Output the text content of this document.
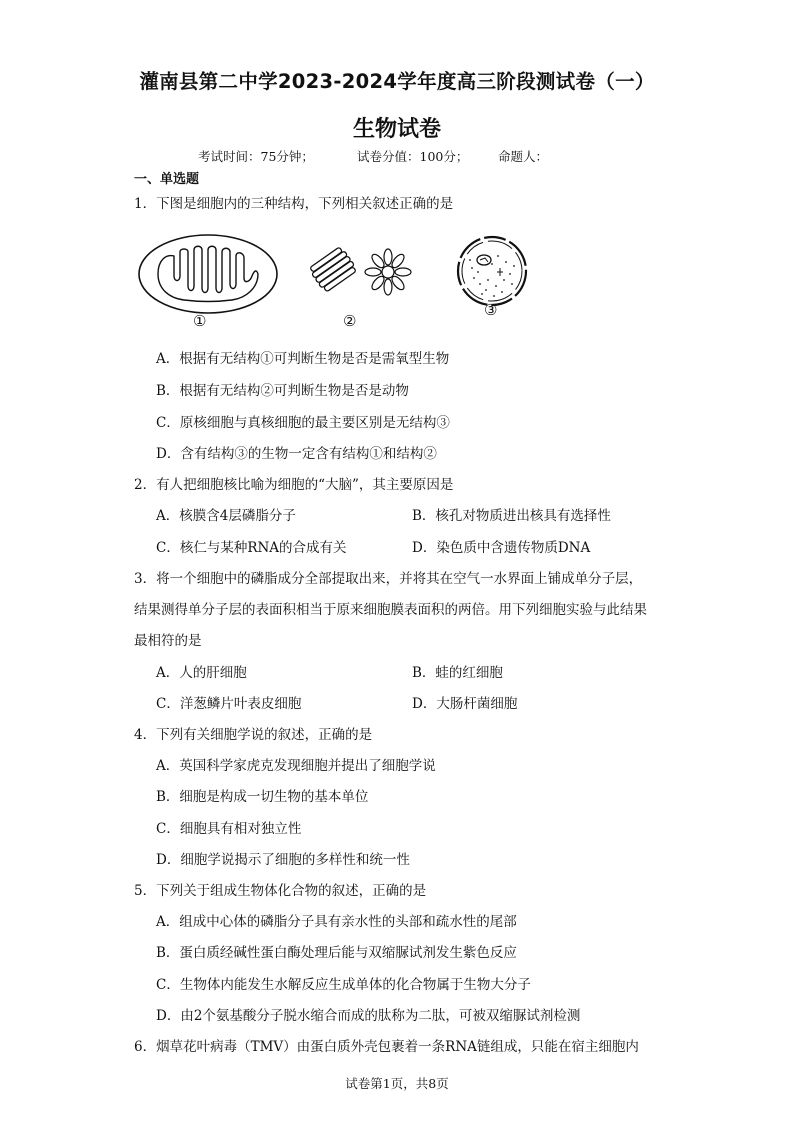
灌南县第二中学2023-2024学年度高三阶段测试卷（一）
生物试卷
考试时间：75分钟；	试卷分值：100分； 命题人：
一、单选题
1．下图是细胞内的三种结构，下列相关叙述正确的是
①	②
③
A．根据有无结构①可判断生物是否是需氧型生物
B．根据有无结构②可判断生物是否是动物
C．原核细胞与真核细胞的最主要区别是无结构③
D．含有结构③的生物一定含有结构①和结构②
2．有人把细胞核比喻为细胞的“大脑”，其主要原因是
A．核膜含4层磷脂分子	B．核孔对物质进出核具有选择性
C．核仁与某种RNA的合成有关	D．染色质中含遗传物质DNA
3．将一个细胞中的磷脂成分全部提取出来，并将其在空气一水界面上铺成单分子层，
结果测得单分子层的表面积相当于原来细胞膜表面积的两倍。用下列细胞实验与此结果
最相符的是
A．人的肝细胞	B．蛙的红细胞
C．洋葱鳞片叶表皮细胞	D．大肠杆菌细胞
4．下列有关细胞学说的叙述，正确的是
A．英国科学家虎克发现细胞并提出了细胞学说
B．细胞是构成一切生物的基本单位
C．细胞具有相对独立性
D．细胞学说揭示了细胞的多样性和统一性
5．下列关于组成生物体化合物的叙述，正确的是
A．组成中心体的磷脂分子具有亲水性的头部和疏水性的尾部
B．蛋白质经碱性蛋白酶处理后能与双缩脲试剂发生紫色反应
C．生物体内能发生水解反应生成单体的化合物属于生物大分子
D．由2个氨基酸分子脱水缩合而成的肽称为二肽，可被双缩脲试剂检测
6．烟草花叶病毒（TMV）由蛋白质外壳包裹着一条RNA链组成，只能在宿主细胞内
试卷第1页，共8页
